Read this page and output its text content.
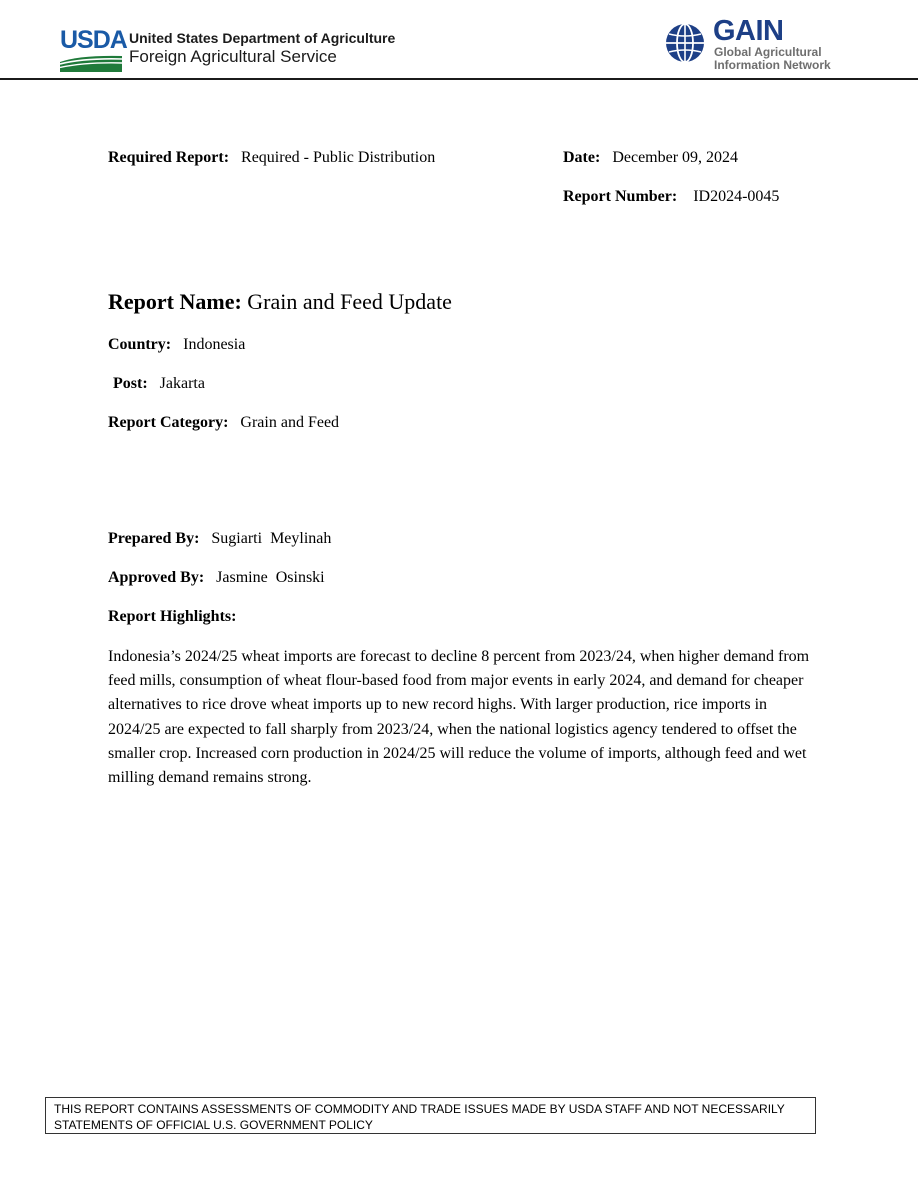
USDA United States Department of Agriculture
Foreign Agricultural Service
GAIN
Global Agricultural
Information Network
Required Report: Required - Public Distribution	Date: December 09, 2024
Report Number: ID2024-0045
Report Name: Grain and Feed Update
Country: Indonesia
Post: Jakarta
Report Category: Grain and Feed
Prepared By: Sugiarti  Meylinah
Approved By: Jasmine  Osinski
Report Highlights:
Indonesia’s 2024/25 wheat imports are forecast to decline 8 percent from 2023/24, when higher demand from feed mills, consumption of wheat flour-based food from major events in early 2024, and demand for cheaper alternatives to rice drove wheat imports up to new record highs. With larger production, rice imports in 2024/25 are expected to fall sharply from 2023/24, when the national logistics agency tendered to offset the smaller crop. Increased corn production in 2024/25 will reduce the volume of imports, although feed and wet milling demand remains strong.
THIS REPORT CONTAINS ASSESSMENTS OF COMMODITY AND TRADE ISSUES MADE BY USDA STAFF AND NOT NECESSARILY STATEMENTS OF OFFICIAL U.S. GOVERNMENT POLICY
